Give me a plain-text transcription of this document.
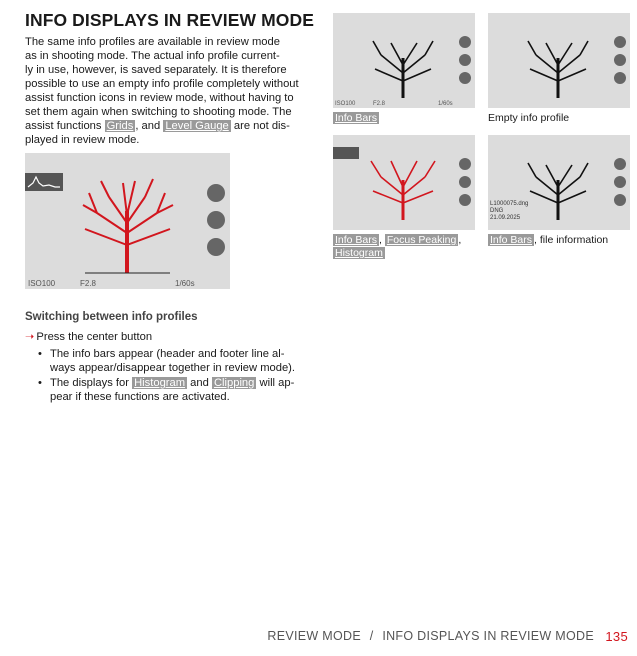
INFO DISPLAYS IN REVIEW MODE
The same info profiles are available in review mode
as in shooting mode. The actual info profile current-
ly in use, however, is saved separately. It is therefore
possible to use an empty info profile completely without
assist function icons in review mode, without having to
set them again when switching to shooting mode. The
assist functions Grids , and Level Gauge are not dis-
played in review mode.
ISO100	F2.8	1/60s
ISO100	F2.8	1/60s
Info Bars	Empty info profile
Info Bars , Focus Peaking ,
Histogram
L1000075.dng
DNG
21.09.2025
Info Bars , file information
Switching between info profiles
➝ Press the center button
• The info bars appear (header and footer line al-
ways appear/disappear together in review mode).
• The displays for Histogram and Clipping will ap-
pear if these functions are activated.
REVIEW MODE / INFO DISPLAYS IN REVIEW MODE 135
